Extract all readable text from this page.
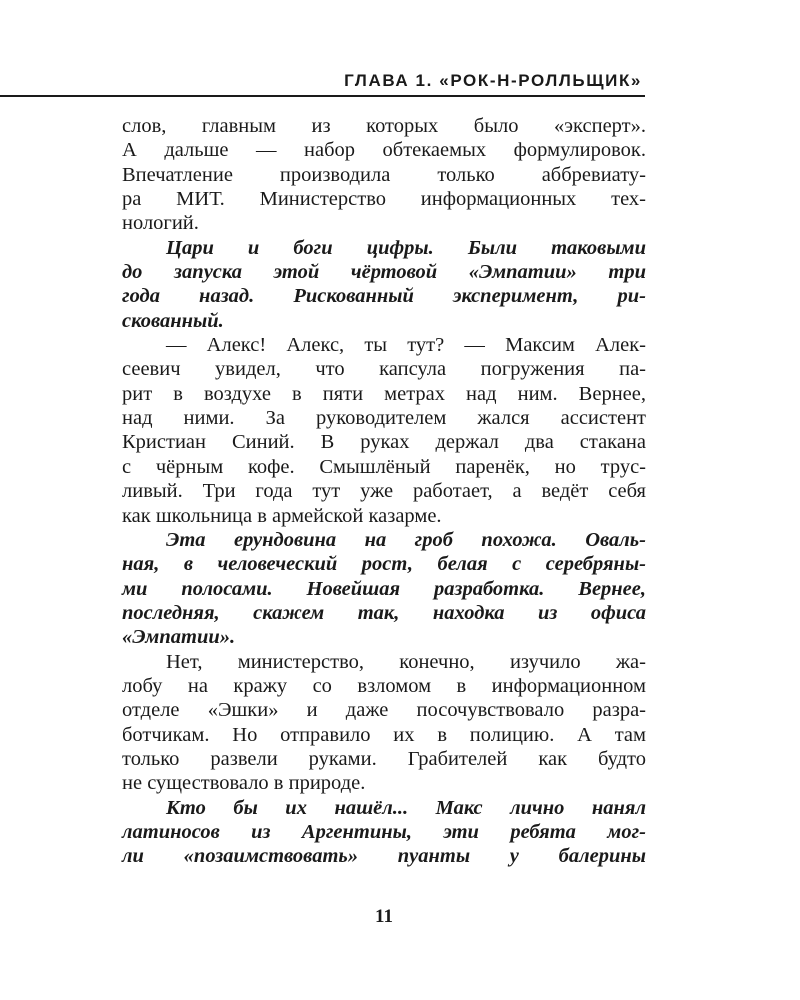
ГЛАВА 1. «РОК-Н-РОЛЛЬЩИК»

слов, главным из которых было «эксперт».
А дальше — набор обтекаемых формулировок.
Впечатление производила только аббревиату-
ра МИТ. Министерство информационных тех-
нологий.

Цари и боги цифры. Были таковыми
до запуска этой чёртовой «Эмпатии» три
года назад. Рискованный эксперимент, ри-
скованный.

— Алекс! Алекс, ты тут? — Максим Алек-
сеевич увидел, что капсула погружения па-
рит в воздухе в пяти метрах над ним. Вернее,
над ними. За руководителем жался ассистент
Кристиан Синий. В руках держал два стакана
с чёрным кофе. Смышлёный паренёк, но трус-
ливый. Три года тут уже работает, а ведёт себя
как школьница в армейской казарме.

Эта ерундовина на гроб похожа. Оваль-
ная, в человеческий рост, белая с серебряны-
ми полосами. Новейшая разработка. Вернее,
последняя, скажем так, находка из офиса
«Эмпатии».

Нет, министерство, конечно, изучило жа-
лобу на кражу со взломом в информационном
отделе «Эшки» и даже посочувствовало разра-
ботчикам. Но отправило их в полицию. А там
только развели руками. Грабителей как будто
не существовало в природе.

Кто бы их нашёл... Макс лично нанял
латиносов из Аргентины, эти ребята мог-
ли «позаимствовать» пуанты у балерины

11
